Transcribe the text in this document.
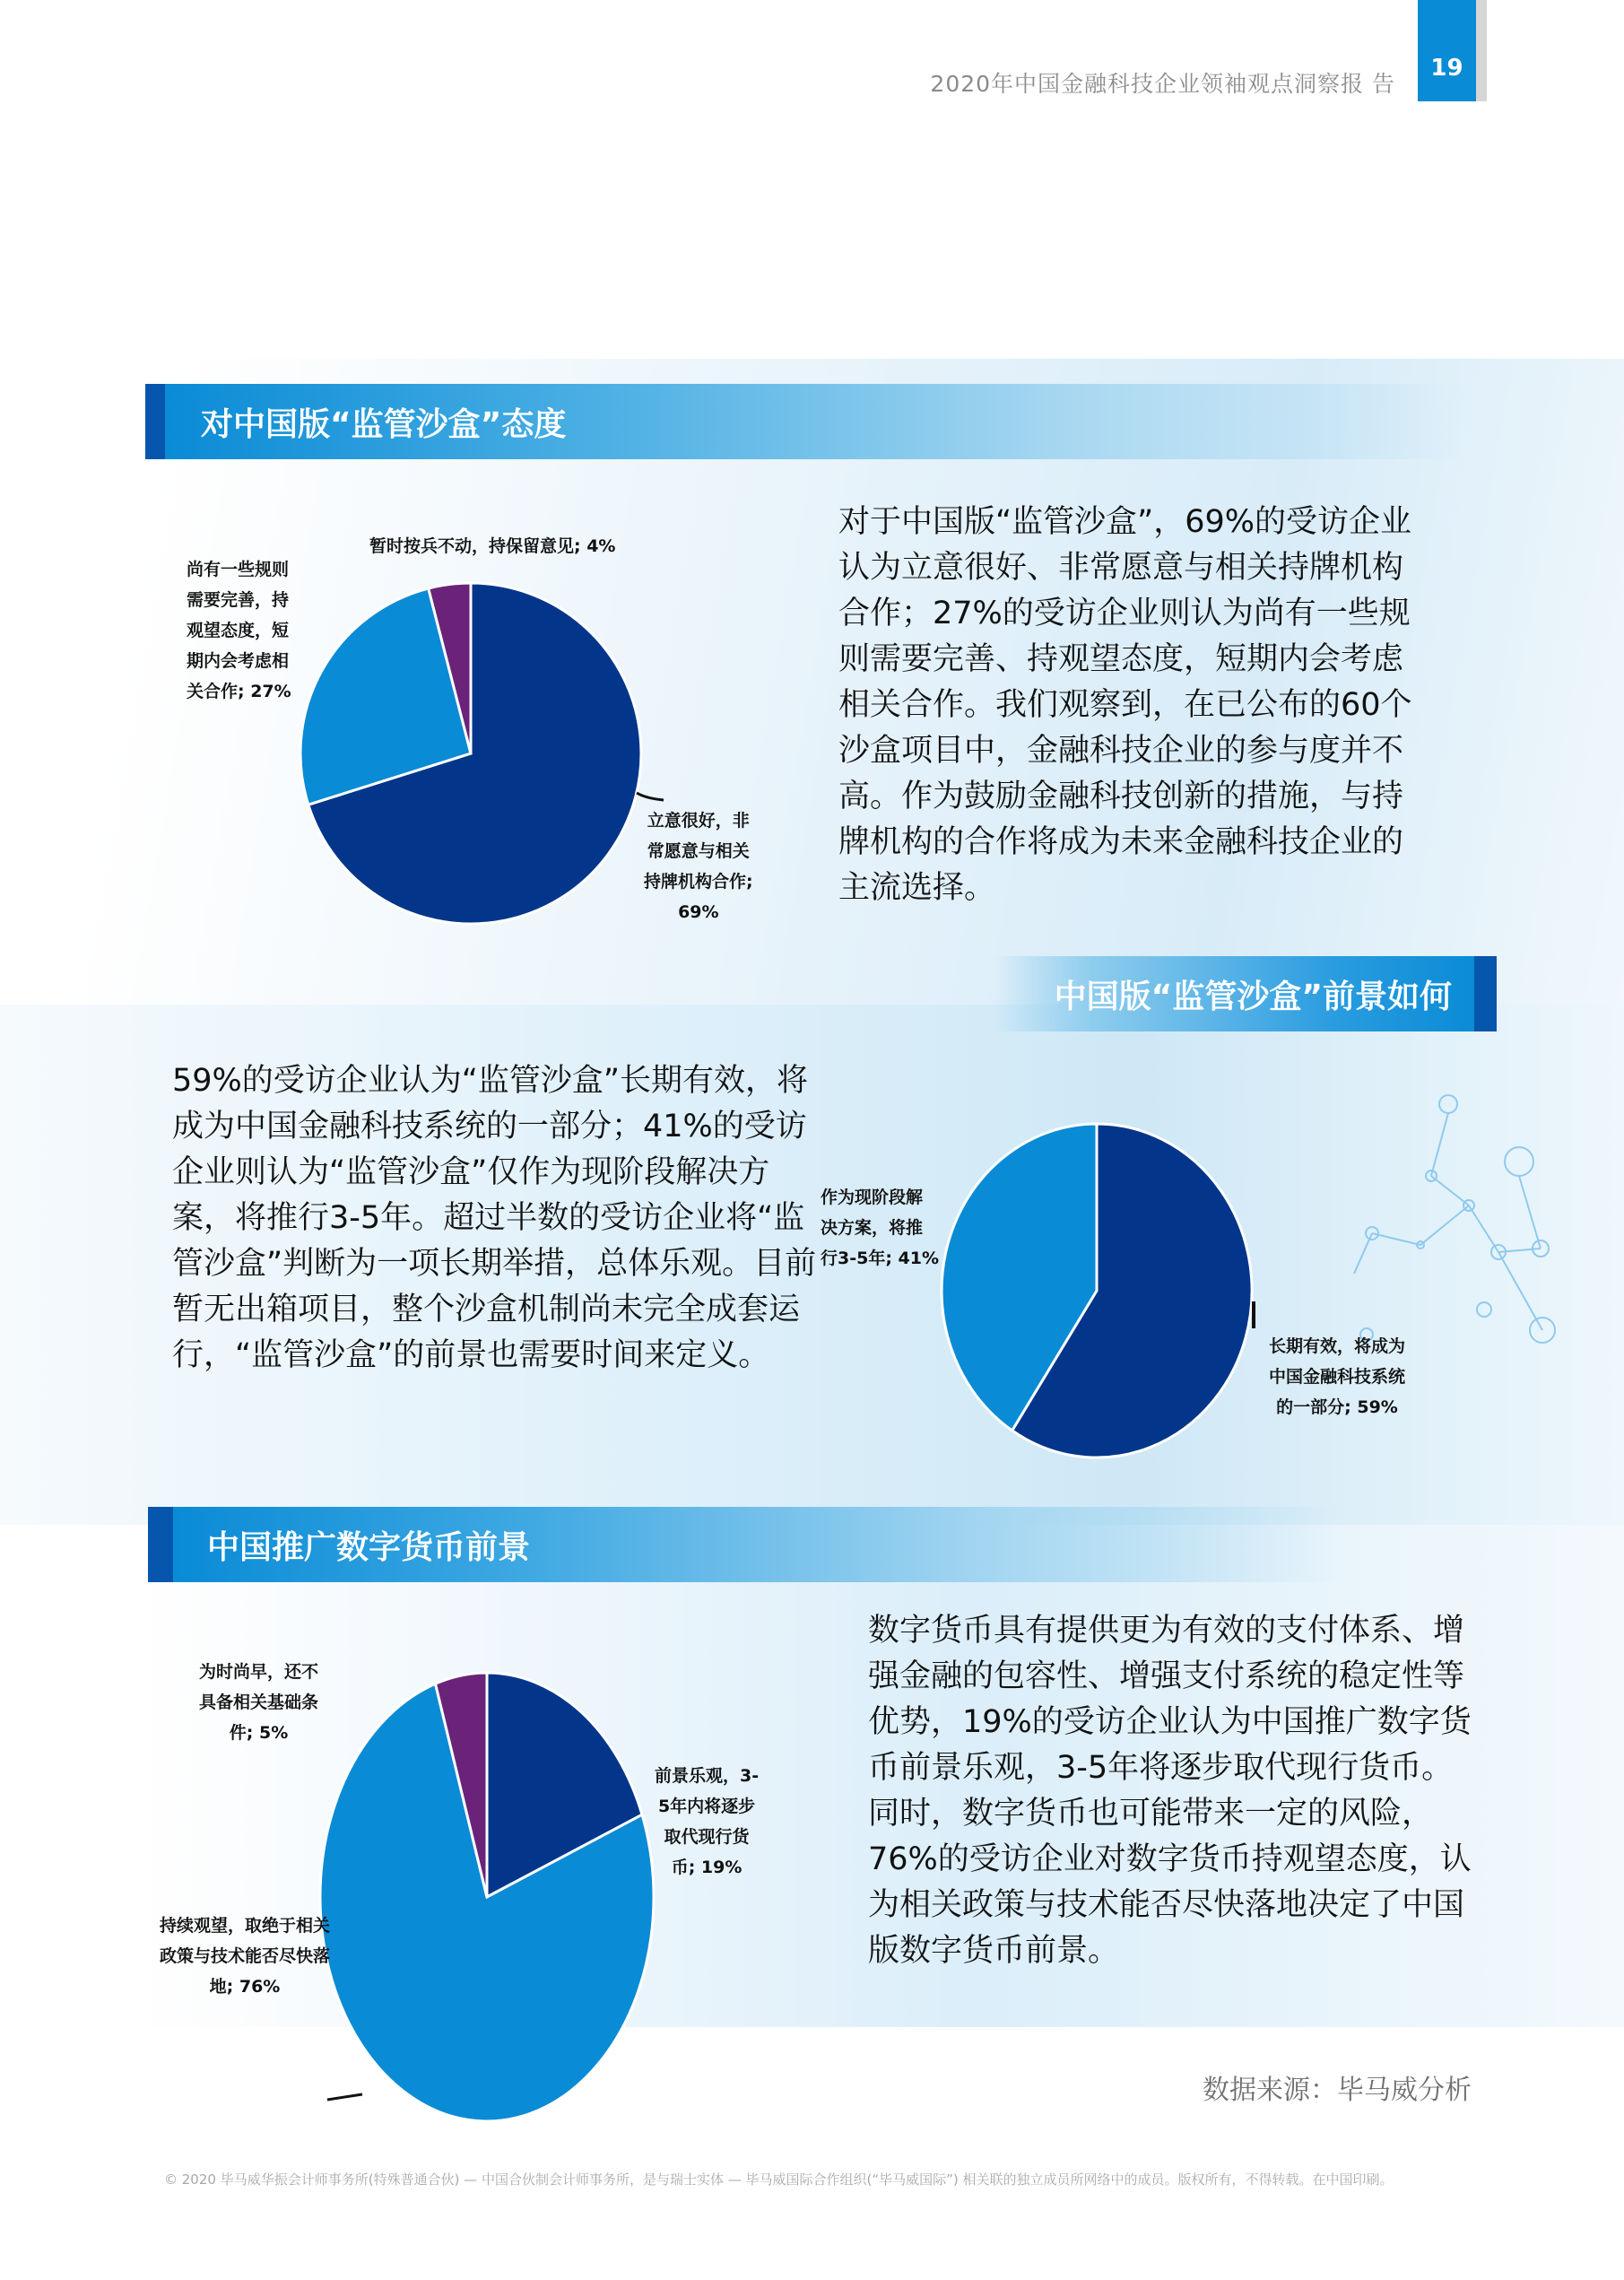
2020年中国金融科技企业领袖观点洞察报 告
19
对中国版“监管沙盒”态度
暂时按兵不动，持保留意见; 4%
尚有一些规则
需要完善，持
观望态度，短
期内会考虑相
关合作; 27%
立意很好，非
常愿意与相关
持牌机构合作;
69%
对于中国版“监管沙盒”，69%的受访企业认为立意很好、非常愿意与相关持牌机构合作；27%的受访企业则认为尚有一些规则需要完善、持观望态度，短期内会考虑相关合作。我们观察到，在已公布的60个沙盒项目中，金融科技企业的参与度并不高。作为鼓励金融科技创新的措施，与持牌机构的合作将成为未来金融科技企业的主流选择。
中国版“监管沙盒”前景如何
59%的受访企业认为“监管沙盒”长期有效，将成为中国金融科技系统的一部分；41%的受访企业则认为“监管沙盒”仅作为现阶段解决方案，将推行3-5年。超过半数的受访企业将“监管沙盒”判断为一项长期举措，总体乐观。目前暂无出箱项目，整个沙盒机制尚未完全成套运行，“监管沙盒”的前景也需要时间来定义。
作为现阶段解
决方案，将推
行3-5年; 41%
长期有效，将成为
中国金融科技系统
的一部分; 59%
中国推广数字货币前景
为时尚早，还不
具备相关基础条
件; 5%
前景乐观，3-
5年内将逐步
取代现行货
币; 19%
持续观望，取绝于相关
政策与技术能否尽快落
地; 76%
数字货币具有提供更为有效的支付体系、增强金融的包容性、增强支付系统的稳定性等优势，19%的受访企业认为中国推广数字货币前景乐观，3-5年将逐步取代现行货币。同时，数字货币也可能带来一定的风险，　　76%的受访企业对数字货币持观望态度，认为相关政策与技术能否尽快落地决定了中国版数字货币前景。
数据来源：毕马威分析
© 2020 毕马威华振会计师事务所(特殊普通合伙) — 中国合伙制会计师事务所，是与瑞士实体 — 毕马威国际合作组织(“毕马威国际”) 相关联的独立成员所网络中的成员。版权所有，不得转载。在中国印刷。
